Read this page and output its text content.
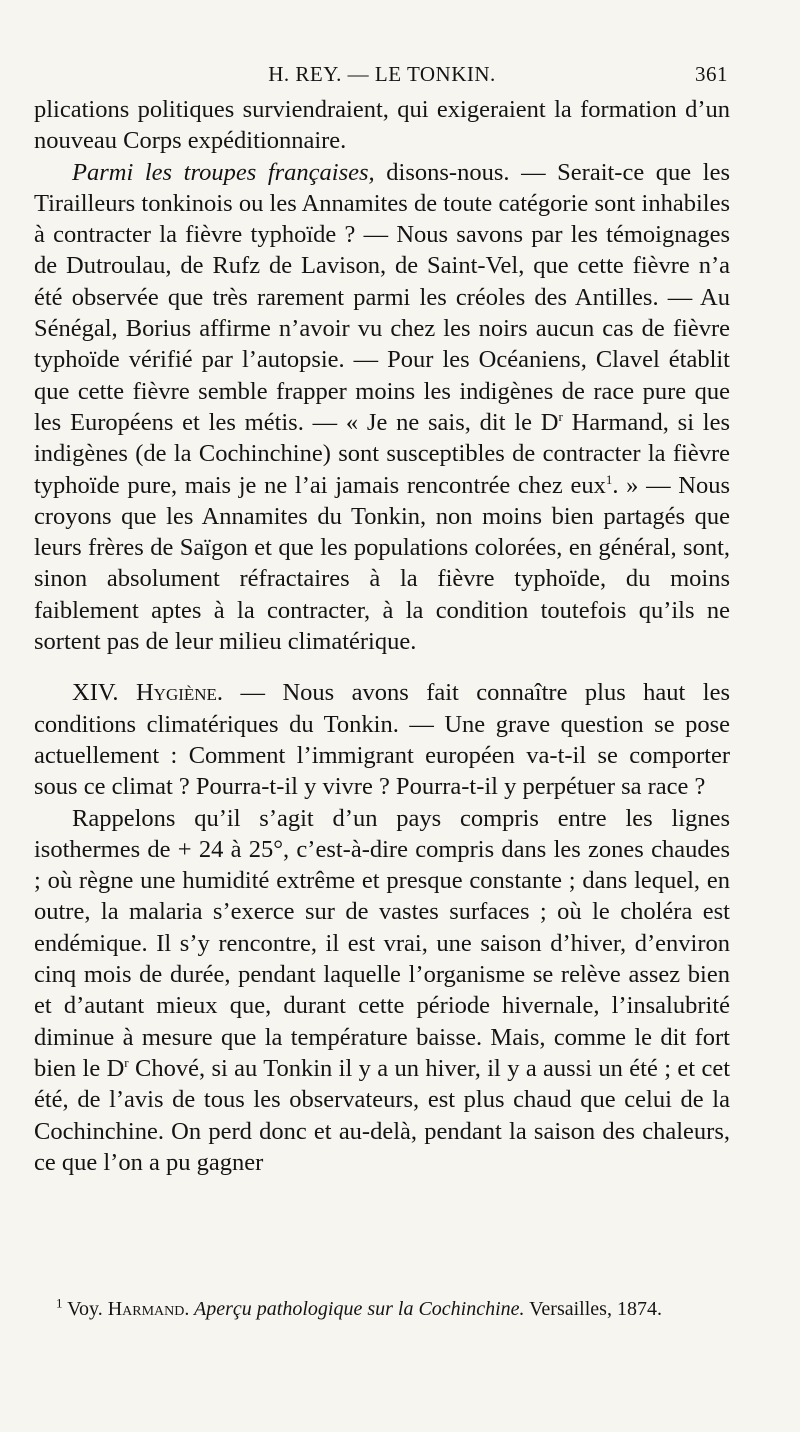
H. REY. — LE TONKIN.	361

plications politiques surviendraient, qui exigeraient la formation d’un nouveau Corps expéditionnaire.

Parmi les troupes françaises, disons-nous. — Serait-ce que les Tirailleurs tonkinois ou les Annamites de toute catégorie sont inhabiles à contracter la fièvre typhoïde ? — Nous savons par les témoignages de Dutroulau, de Rufz de Lavison, de Saint-Vel, que cette fièvre n’a été observée que très rarement parmi les créoles des Antilles. — Au Sénégal, Borius affirme n’avoir vu chez les noirs aucun cas de fièvre typhoïde vérifié par l’autopsie. — Pour les Océaniens, Clavel établit que cette fièvre semble frapper moins les indigènes de race pure que les Européens et les métis. — « Je ne sais, dit le $D^r$ Harmand, si les indigènes (de la Cochinchine) sont susceptibles de contracter la fièvre typhoïde pure, mais je ne l’ai jamais rencontrée chez eux$^1$. » — Nous croyons que les Annamites du Tonkin, non moins bien partagés que leurs frères de Saïgon et que les populations colorées, en général, sont, sinon absolument réfractaires à la fièvre typhoïde, du moins faiblement aptes à la contracter, à la condition toutefois qu’ils ne sortent pas de leur milieu climatérique.

XIV. Hygiène. — Nous avons fait connaître plus haut les conditions climatériques du Tonkin. — Une grave question se pose actuellement : Comment l’immigrant européen va-t-il se comporter sous ce climat ? Pourra-t-il y vivre ? Pourra-t-il y perpétuer sa race ?

Rappelons qu’il s’agit d’un pays compris entre les lignes isothermes de + 24 à 25°, c’est-à-dire compris dans les zones chaudes ; où règne une humidité extrême et presque constante ; dans lequel, en outre, la malaria s’exerce sur de vastes surfaces ; où le choléra est endémique. Il s’y rencontre, il est vrai, une saison d’hiver, d’environ cinq mois de durée, pendant laquelle l’organisme se relève assez bien et d’autant mieux que, durant cette période hivernale, l’insalubrité diminue à mesure que la température baisse. Mais, comme le dit fort bien le $D^r$ Chové, si au Tonkin il y a un hiver, il y a aussi un été ; et cet été, de l’avis de tous les observateurs, est plus chaud que celui de la Cochinchine. On perd donc et au-delà, pendant la saison des chaleurs, ce que l’on a pu gagner

$^1$ Voy. Harmand. Aperçu pathologique sur la Cochinchine. Versailles, 1874.
